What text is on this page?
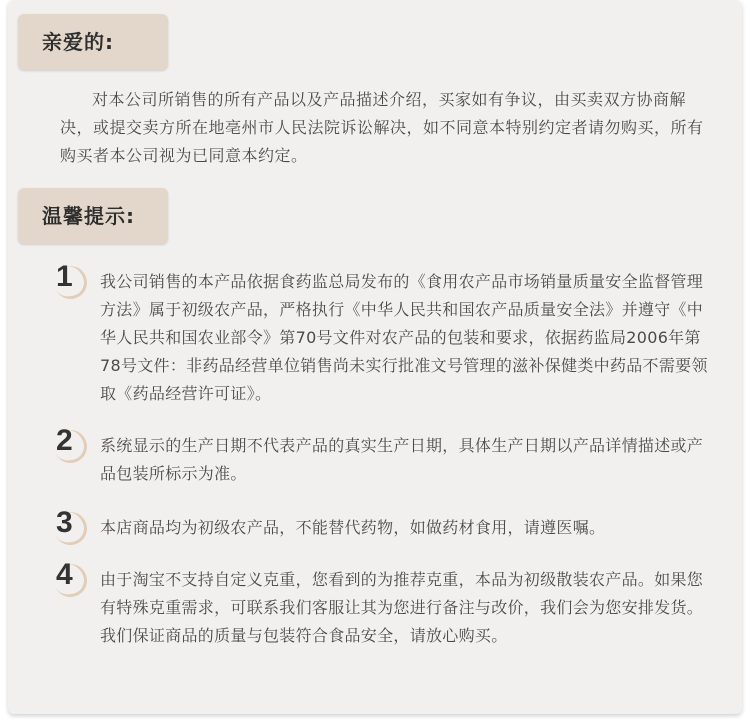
亲爱的:
对本公司所销售的所有产品以及产品描述介绍，买家如有争议，由买卖双方协商解决，或提交卖方所在地亳州市人民法院诉讼解决，如不同意本特别约定者请勿购买，所有购买者本公司视为已同意本约定。
温馨提示:
1 我公司销售的本产品依据食药监总局发布的《食用农产品市场销量质量安全监督管理方法》属于初级农产品，严格执行《中华人民共和国农产品质量安全法》并遵守《中华人民共和国农业部令》第70号文件对农产品的包装和要求，依据药监局2006年第78号文件：非药品经营单位销售尚未实行批准文号管理的滋补保健类中药品不需要领取《药品经营许可证》。
2 系统显示的生产日期不代表产品的真实生产日期，具体生产日期以产品详情描述或产品包装所标示为准。
3 本店商品均为初级农产品，不能替代药物，如做药材食用，请遵医嘱。
4 由于淘宝不支持自定义克重，您看到的为推荐克重，本品为初级散装农产品。如果您有特殊克重需求，可联系我们客服让其为您进行备注与改价，我们会为您安排发货。我们保证商品的质量与包装符合食品安全，请放心购买。
